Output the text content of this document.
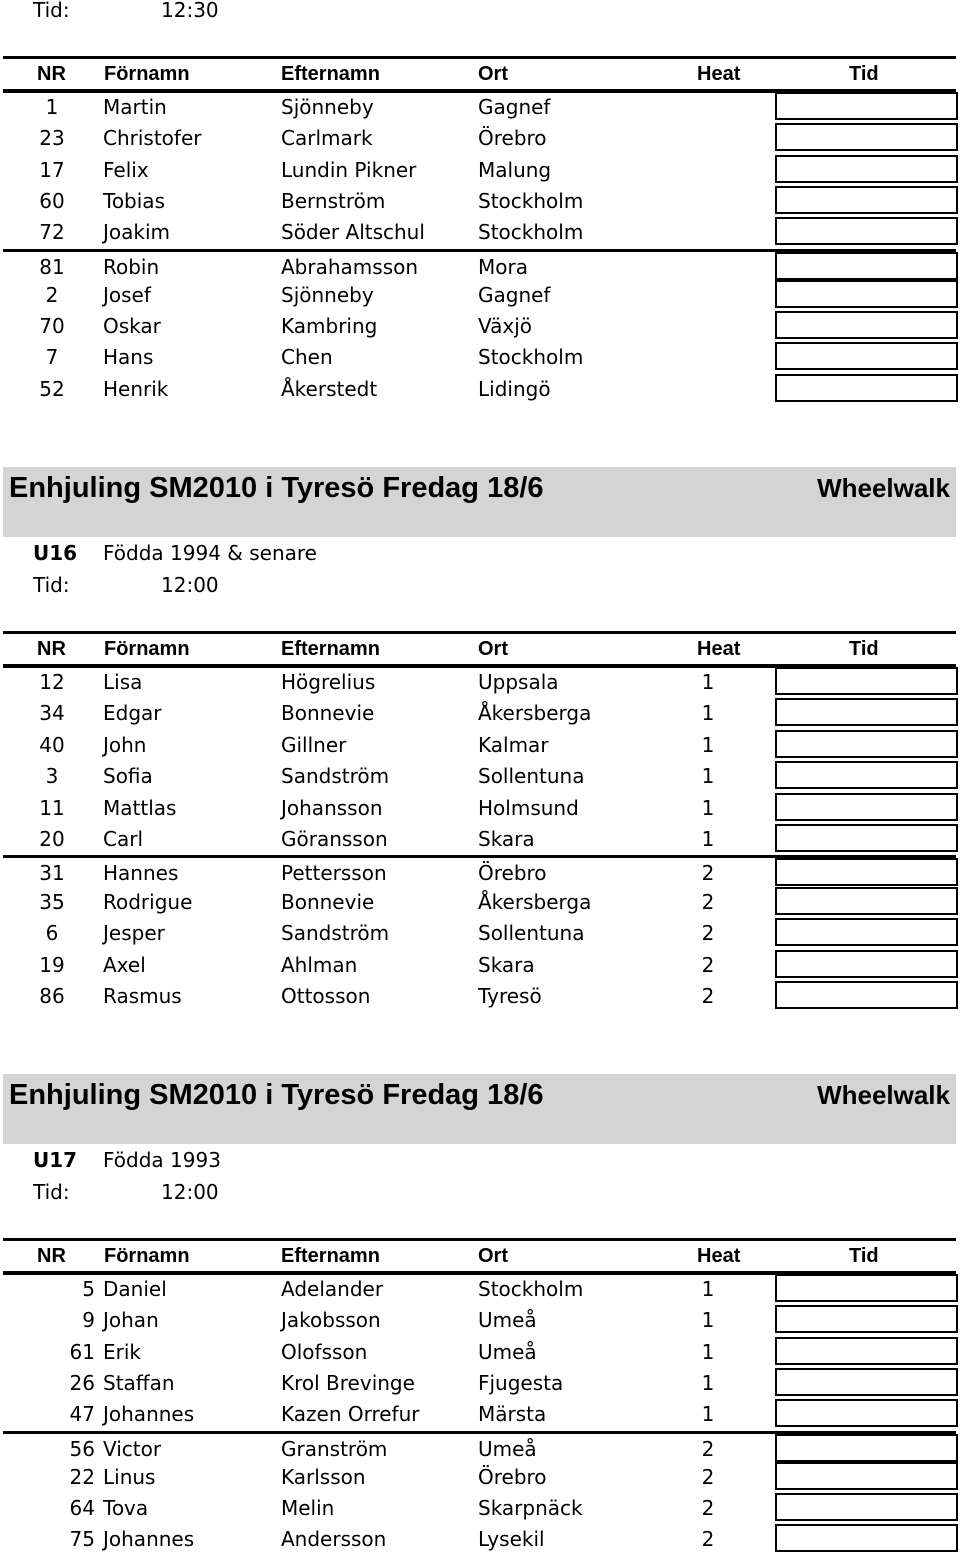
Tid:	12:30
NR Förnamn	Efternamn	Ort	Heat	Tid
1	Martin	Sjönneby	Gagnef
23	Christofer	Carlmark	Örebro
17	Felix	Lundin Pikner	Malung
60	Tobias	Bernström	Stockholm
72	Joakim	Söder Altschul	Stockholm
81	Robin	Abrahamsson	Mora
2	Josef	Sjönneby	Gagnef
70	Oskar	Kambring	Växjö
7	Hans	Chen	Stockholm
52	Henrik	Åkerstedt	Lidingö
Enhjuling SM2010 i Tyresö Fredag 18/6	Wheelwalk
U16	Födda 1994 & senare
Tid:	12:00
NR Förnamn	Efternamn	Ort	Heat	Tid
12	Lisa	Högrelius	Uppsala	1
34	Edgar	Bonnevie	Åkersberga	1
40	John	Gillner	Kalmar	1
3	Sofia	Sandström	Sollentuna	1
11	Mattlas	Johansson	Holmsund	1
20	Carl	Göransson	Skara	1
31	Hannes	Pettersson	Örebro	2
35	Rodrigue	Bonnevie	Åkersberga	2
6	Jesper	Sandström	Sollentuna	2
19	Axel	Ahlman	Skara	2
86	Rasmus	Ottosson	Tyresö	2
Enhjuling SM2010 i Tyresö Fredag 18/6	Wheelwalk
U17	Födda 1993
Tid:	12:00
NR Förnamn	Efternamn	Ort	Heat	Tid
5 Daniel	Adelander	Stockholm	1
9 Johan	Jakobsson	Umeå	1
61 Erik	Olofsson	Umeå	1
26 Staffan	Krol Brevinge	Fjugesta	1
47 Johannes	Kazen Orrefur	Märsta	1
56 Victor	Granström	Umeå	2
22 Linus	Karlsson	Örebro	2
64 Tova	Melin	Skarpnäck	2
75 Johannes	Andersson	Lysekil	2
